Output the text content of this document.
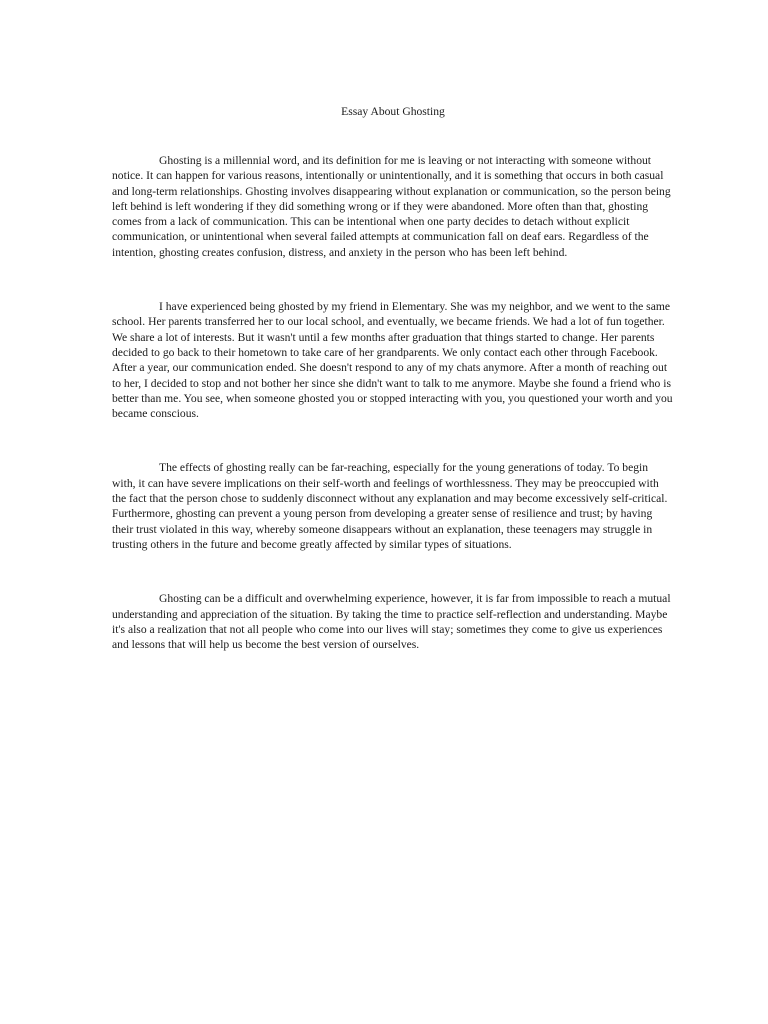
Essay About Ghosting

Ghosting is a millennial word, and its definition for me is leaving or not interacting with someone without notice. It can happen for various reasons, intentionally or unintentionally, and it is something that occurs in both casual and long-term relationships. Ghosting involves disappearing without explanation or communication, so the person being left behind is left wondering if they did something wrong or if they were abandoned. More often than that, ghosting comes from a lack of communication. This can be intentional when one party decides to detach without explicit communication, or unintentional when several failed attempts at communication fall on deaf ears. Regardless of the intention, ghosting creates confusion, distress, and anxiety in the person who has been left behind.

I have experienced being ghosted by my friend in Elementary. She was my neighbor, and we went to the same school. Her parents transferred her to our local school, and eventually, we became friends. We had a lot of fun together. We share a lot of interests. But it wasn't until a few months after graduation that things started to change. Her parents decided to go back to their hometown to take care of her grandparents. We only contact each other through Facebook. After a year, our communication ended. She doesn't respond to any of my chats anymore. After a month of reaching out to her, I decided to stop and not bother her since she didn't want to talk to me anymore. Maybe she found a friend who is better than me. You see, when someone ghosted you or stopped interacting with you, you questioned your worth and you became conscious.

The effects of ghosting really can be far-reaching, especially for the young generations of today. To begin with, it can have severe implications on their self-worth and feelings of worthlessness. They may be preoccupied with the fact that the person chose to suddenly disconnect without any explanation and may become excessively self-critical. Furthermore, ghosting can prevent a young person from developing a greater sense of resilience and trust; by having their trust violated in this way, whereby someone disappears without an explanation, these teenagers may struggle in trusting others in the future and become greatly affected by similar types of situations.

Ghosting can be a difficult and overwhelming experience, however, it is far from impossible to reach a mutual understanding and appreciation of the situation. By taking the time to practice self-reflection and understanding. Maybe it's also a realization that not all people who come into our lives will stay; sometimes they come to give us experiences and lessons that will help us become the best version of ourselves.
